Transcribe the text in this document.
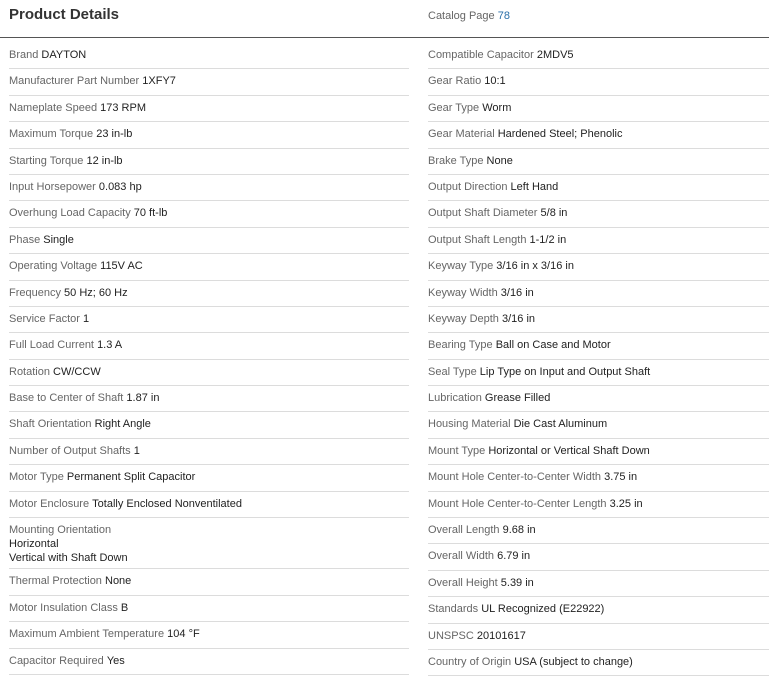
Product Details	Catalog Page 78
Brand DAYTON
Manufacturer Part Number 1XFY7
Nameplate Speed 173 RPM
Maximum Torque 23 in-lb
Starting Torque 12 in-lb
Input Horsepower 0.083 hp
Overhung Load Capacity 70 ft-lb
Phase Single
Operating Voltage 115V AC
Frequency 50 Hz; 60 Hz
Service Factor 1
Full Load Current 1.3 A
Rotation CW/CCW
Base to Center of Shaft 1.87 in
Shaft Orientation Right Angle
Number of Output Shafts 1
Motor Type Permanent Split Capacitor
Motor Enclosure Totally Enclosed Nonventilated
Mounting Orientation
Horizontal
Vertical with Shaft Down
Thermal Protection None
Motor Insulation Class B
Maximum Ambient Temperature 104 °F
Capacitor Required Yes
Compatible Capacitor 2MDV5
Gear Ratio 10:1
Gear Type Worm
Gear Material Hardened Steel; Phenolic
Brake Type None
Output Direction Left Hand
Output Shaft Diameter 5/8 in
Output Shaft Length 1-1/2 in
Keyway Type 3/16 in x 3/16 in
Keyway Width 3/16 in
Keyway Depth 3/16 in
Bearing Type Ball on Case and Motor
Seal Type Lip Type on Input and Output Shaft
Lubrication Grease Filled
Housing Material Die Cast Aluminum
Mount Type Horizontal or Vertical Shaft Down
Mount Hole Center-to-Center Width 3.75 in
Mount Hole Center-to-Center Length 3.25 in
Overall Length 9.68 in
Overall Width 6.79 in
Overall Height 5.39 in
Standards UL Recognized (E22922)
UNSPSC 20101617
Country of Origin USA (subject to change)
